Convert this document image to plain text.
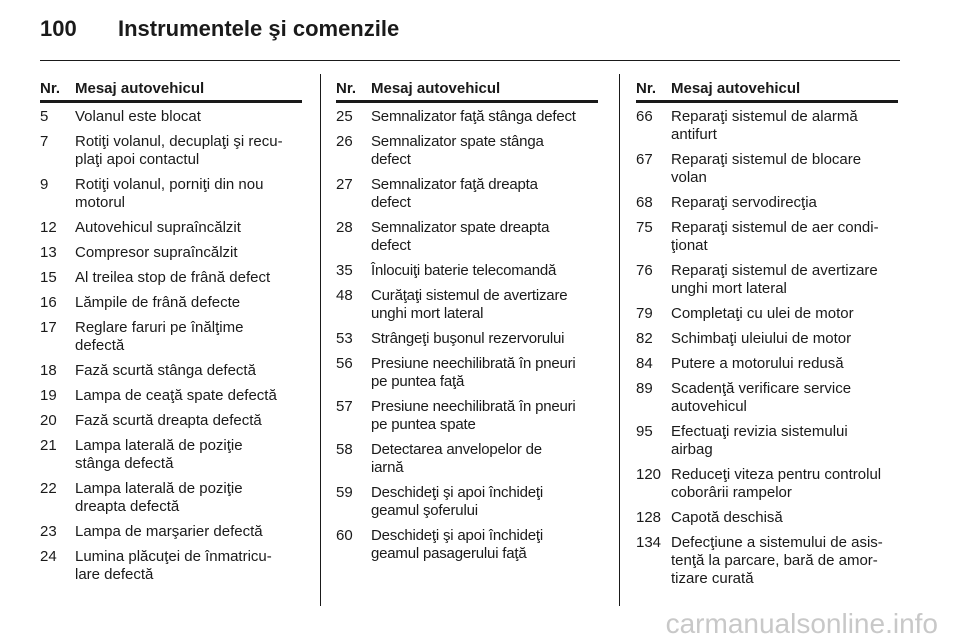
100 Instrumentele şi comenzile
Nr. Mesaj autovehicul
5	Volanul este blocat
7	Rotiţi volanul, decuplaţi şi recu-
plaţi apoi contactul
9	Rotiţi volanul, porniţi din nou
motorul
12	Autovehicul supraîncălzit
13	Compresor supraîncălzit
15	Al treilea stop de frână defect
16	Lămpile de frână defecte
17	Reglare faruri pe înălţime
defectă
18	Fază scurtă stânga defectă
19	Lampa de ceaţă spate defectă
20	Fază scurtă dreapta defectă
21	Lampa laterală de poziţie
stânga defectă
22	Lampa laterală de poziţie
dreapta defectă
23	Lampa de marşarier defectă
24	Lumina plăcuţei de înmatricu-
lare defectă
Nr. Mesaj autovehicul
25	Semnalizator faţă stânga defect
26	Semnalizator spate stânga
defect
27	Semnalizator faţă dreapta
defect
28	Semnalizator spate dreapta
defect
35	Înlocuiţi baterie telecomandă
48	Curăţaţi sistemul de avertizare
unghi mort lateral
53	Strângeţi buşonul rezervorului
56	Presiune neechilibrată în pneuri
pe puntea faţă
57	Presiune neechilibrată în pneuri
pe puntea spate
58	Detectarea anvelopelor de
iarnă
59	Deschideţi şi apoi închideţi
geamul şoferului
60	Deschideţi şi apoi închideţi
geamul pasagerului faţă
Nr. Mesaj autovehicul
66	Reparaţi sistemul de alarmă
antifurt
67	Reparaţi sistemul de blocare
volan
68	Reparaţi servodirecţia
75	Reparaţi sistemul de aer condi-
ţionat
76	Reparaţi sistemul de avertizare
unghi mort lateral
79	Completaţi cu ulei de motor
82	Schimbaţi uleiului de motor
84	Putere a motorului redusă
89	Scadenţă verificare service
autovehicul
95	Efectuaţi revizia sistemului
airbag
120 Reduceţi viteza pentru controlul
coborârii rampelor
128 Capotă deschisă
134 Defecţiune a sistemului de asis-
tenţă la parcare, bară de amor-
tizare curată
carmanualsonline.info
